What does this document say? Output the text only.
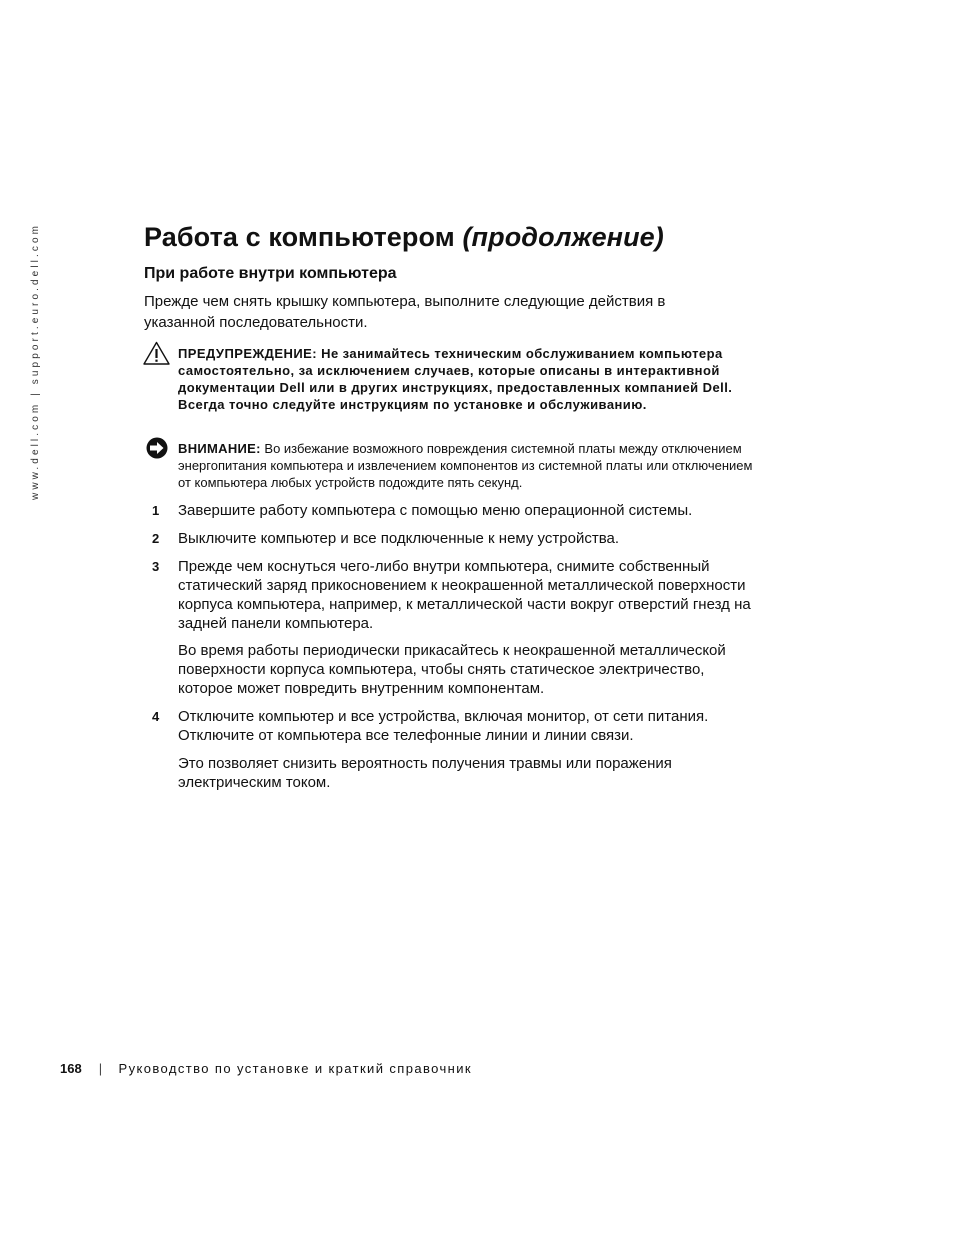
www.dell.com | support.euro.dell.com	Работа с компьютером (продолжение)
При работе внутри компьютера

Прежде чем снять крышку компьютера, выполните следующие действия в указанной последовательности.

ПРЕДУПРЕЖДЕНИЕ: Не занимайтесь техническим обслуживанием компьютера самостоятельно, за исключением случаев, которые описаны в интерактивной документации Dell или в других инструкциях, предоставленных компанией Dell. Всегда точно следуйте инструкциям по установке и обслуживанию.

ВНИМАНИЕ: Во избежание возможного повреждения системной платы между отключением энергопитания компьютера и извлечением компонентов из системной платы или отключением от компьютера любых устройств подождите пять секунд.

1	Завершите работу компьютера с помощью меню операционной системы.

2	Выключите компьютер и все подключенные к нему устройства.

3	Прежде чем коснуться чего-либо внутри компьютера, снимите собственный статический заряд прикосновением к неокрашенной металлической поверхности корпуса компьютера, например, к металлической части вокруг отверстий гнезд на задней панели компьютера.

Во время работы периодически прикасайтесь к неокрашенной металлической поверхности корпуса компьютера, чтобы снять статическое электричество, которое может повредить внутренним компонентам.

4	Отключите компьютер и все устройства, включая монитор, от сети питания. Отключите от компьютера все телефонные линии и линии связи.

Это позволяет снизить вероятность получения травмы или поражения электрическим током.

168 | Руководство по установке и краткий справочник
